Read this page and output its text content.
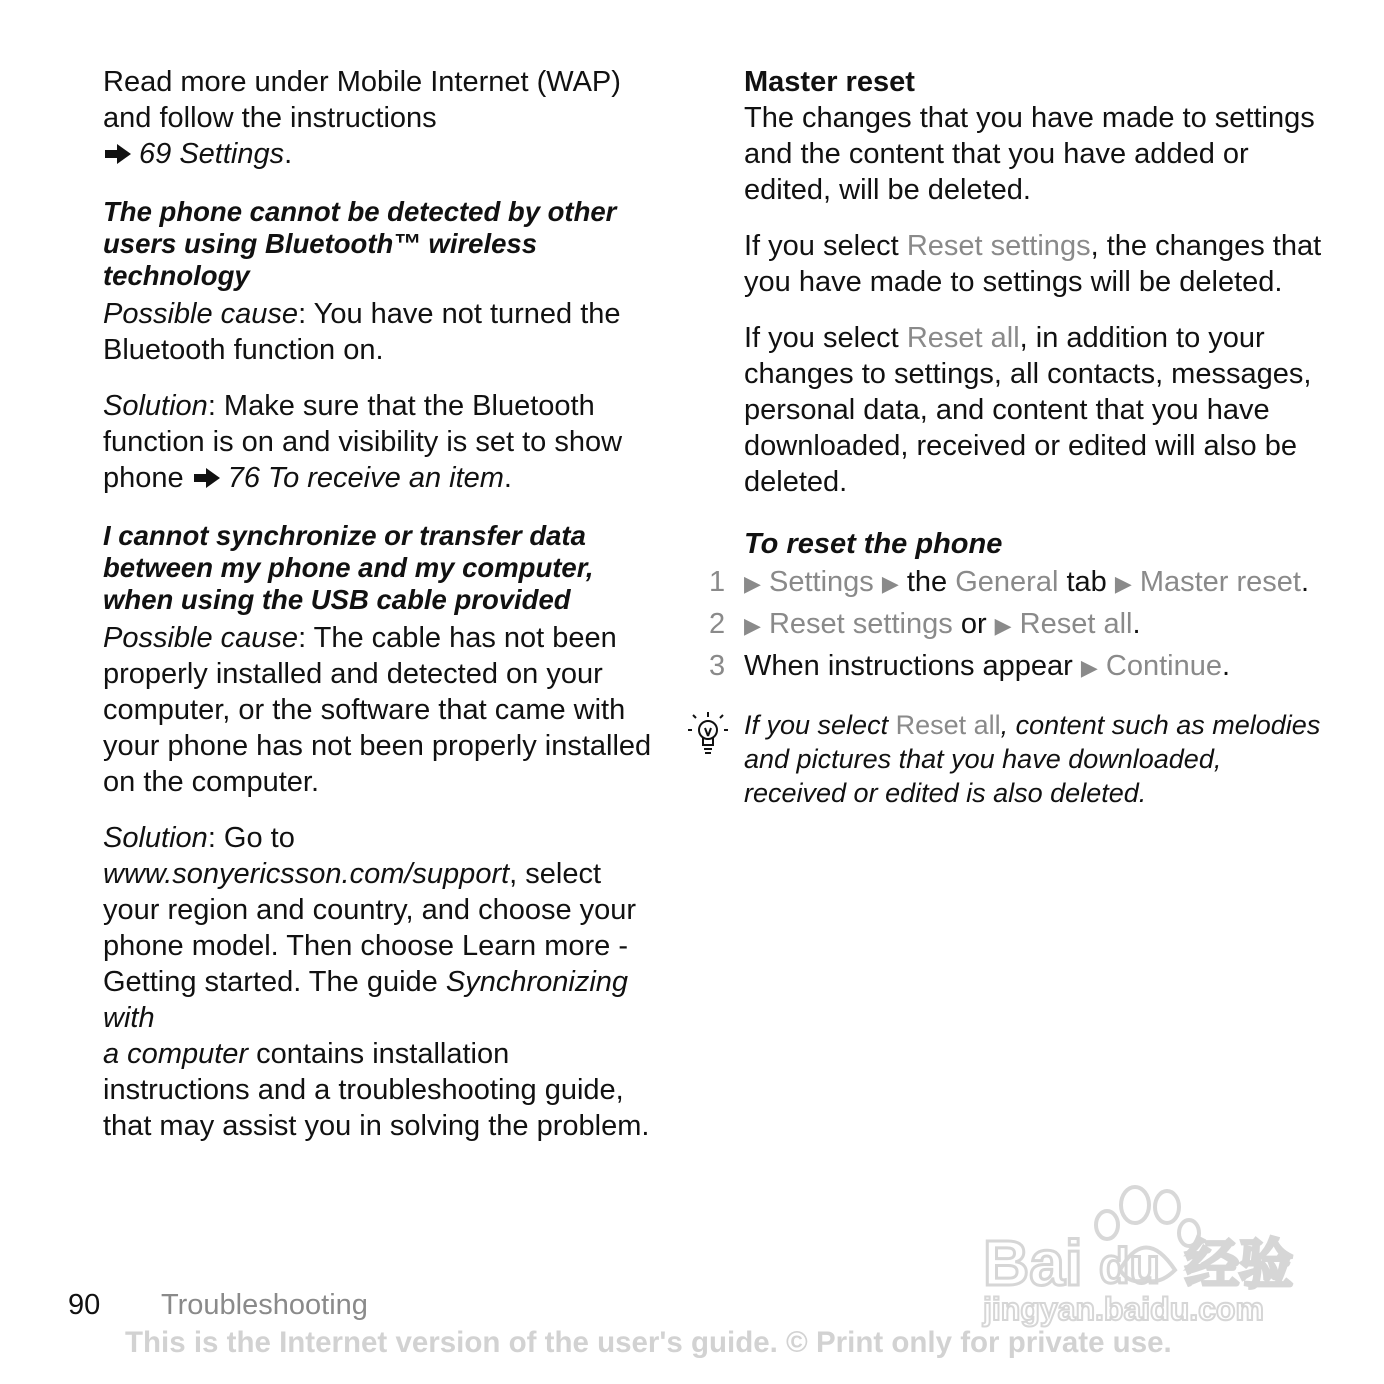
Read more under Mobile Internet (WAP) and follow the instructions
69 Settings.

The phone cannot be detected by other users using Bluetooth™ wireless technology

Possible cause: You have not turned the Bluetooth function on.

Solution: Make sure that the Bluetooth function is on and visibility is set to show phone 76 To receive an item.

I cannot synchronize or transfer data between my phone and my computer, when using the USB cable provided

Possible cause: The cable has not been properly installed and detected on your computer, or the software that came with your phone has not been properly installed on the computer.

Solution: Go to
www.sonyericsson.com/support, select your region and country, and choose your phone model. Then choose Learn more - Getting started. The guide Synchronizing with
a computer contains installation instructions and a troubleshooting guide, that may assist you in solving the problem.

Master reset

The changes that you have made to settings and the content that you have added or edited, will be deleted.

If you select Reset settings, the changes that you have made to settings will be deleted.

If you select Reset all, in addition to your changes to settings, all contacts, messages, personal data, and content that you have downloaded, received or edited will also be deleted.

To reset the phone
1 ▶ Settings ▶ the General tab ▶ Master reset.
2 ▶ Reset settings or ▶ Reset all.
3 When instructions appear ▶ Continue.
If you select Reset all, content such as melodies and pictures that you have downloaded, received or edited is also deleted.
90 Troubleshooting
This is the Internet version of the user's guide. © Print only for private use.
Bai du 经验
jingyan.baidu.com
